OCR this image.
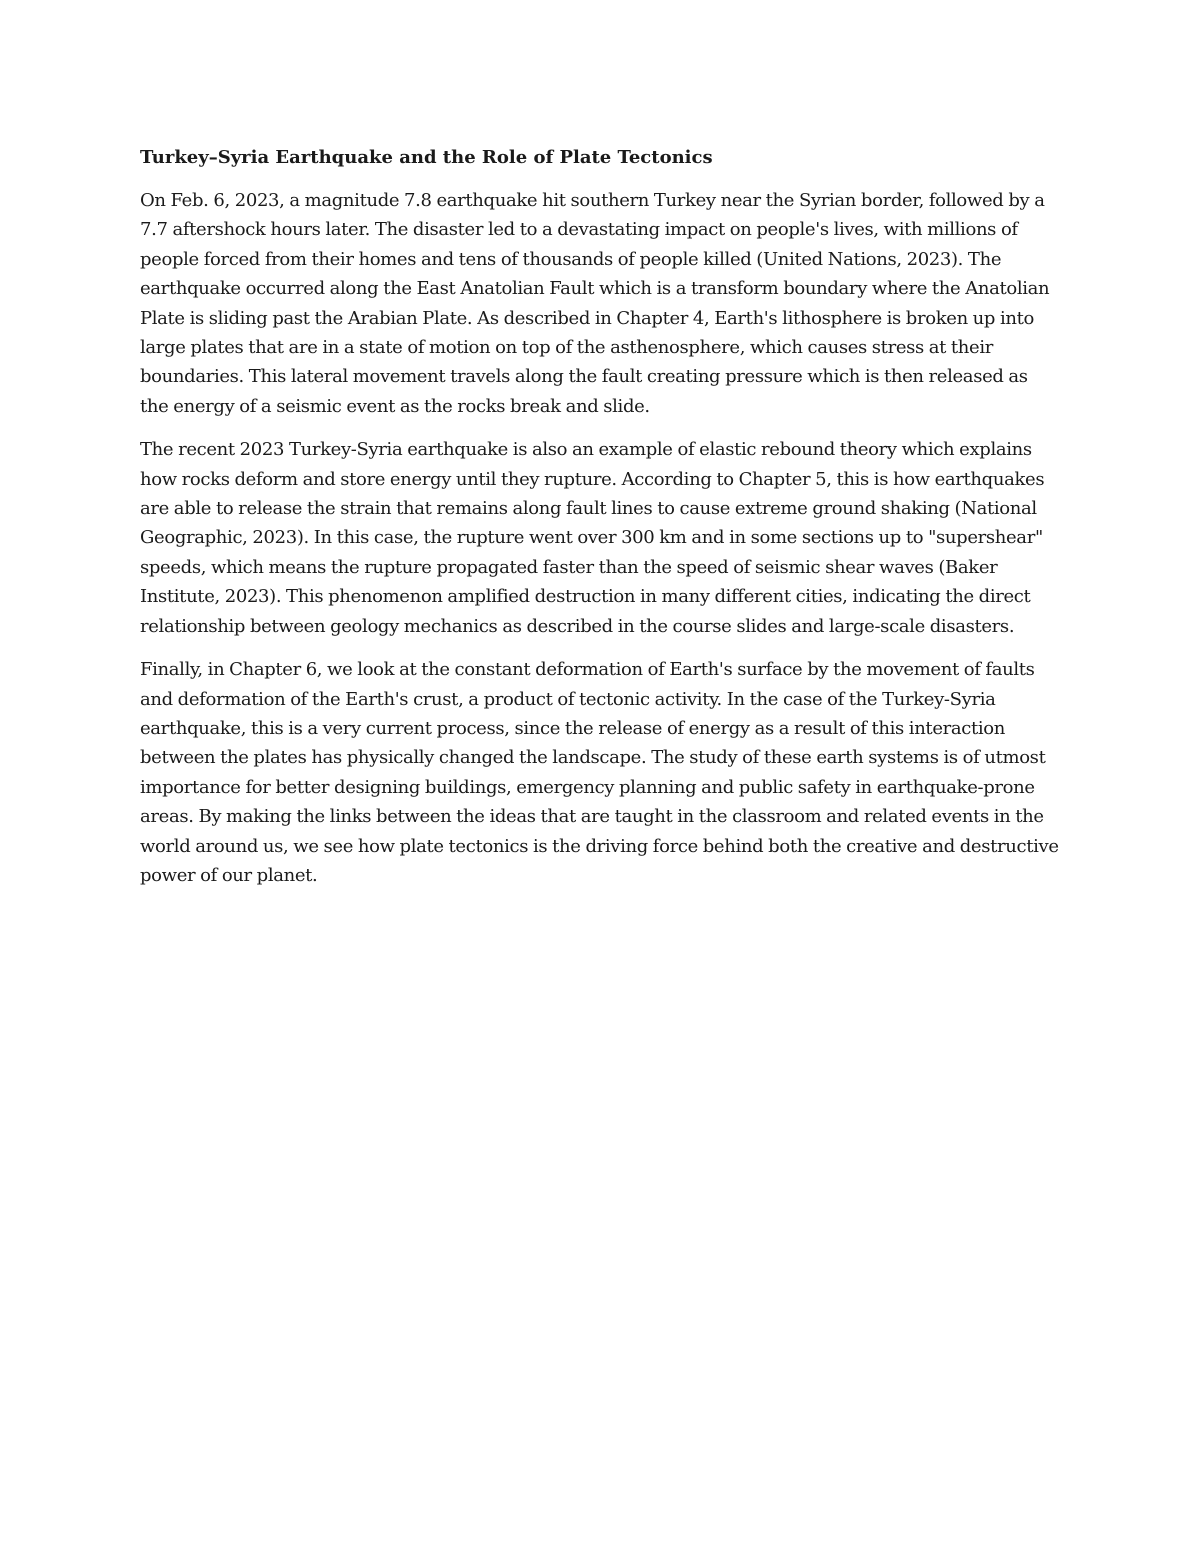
Turkey–Syria Earthquake and the Role of Plate Tectonics

On Feb. 6, 2023, a magnitude 7.8 earthquake hit southern Turkey near the Syrian border, followed by a 7.7 aftershock hours later. The disaster led to a devastating impact on people's lives, with millions of people forced from their homes and tens of thousands of people killed (United Nations, 2023). The earthquake occurred along the East Anatolian Fault which is a transform boundary where the Anatolian Plate is sliding past the Arabian Plate. As described in Chapter 4, Earth's lithosphere is broken up into large plates that are in a state of motion on top of the asthenosphere, which causes stress at their boundaries. This lateral movement travels along the fault creating pressure which is then released as the energy of a seismic event as the rocks break and slide.

The recent 2023 Turkey-Syria earthquake is also an example of elastic rebound theory which explains how rocks deform and store energy until they rupture. According to Chapter 5, this is how earthquakes are able to release the strain that remains along fault lines to cause extreme ground shaking (National Geographic, 2023). In this case, the rupture went over 300 km and in some sections up to "supershear" speeds, which means the rupture propagated faster than the speed of seismic shear waves (Baker Institute, 2023). This phenomenon amplified destruction in many different cities, indicating the direct relationship between geology mechanics as described in the course slides and large-scale disasters.

Finally, in Chapter 6, we look at the constant deformation of Earth's surface by the movement of faults and deformation of the Earth's crust, a product of tectonic activity. In the case of the Turkey-Syria earthquake, this is a very current process, since the release of energy as a result of this interaction between the plates has physically changed the landscape. The study of these earth systems is of utmost importance for better designing buildings, emergency planning and public safety in earthquake-prone areas. By making the links between the ideas that are taught in the classroom and related events in the world around us, we see how plate tectonics is the driving force behind both the creative and destructive power of our planet.
